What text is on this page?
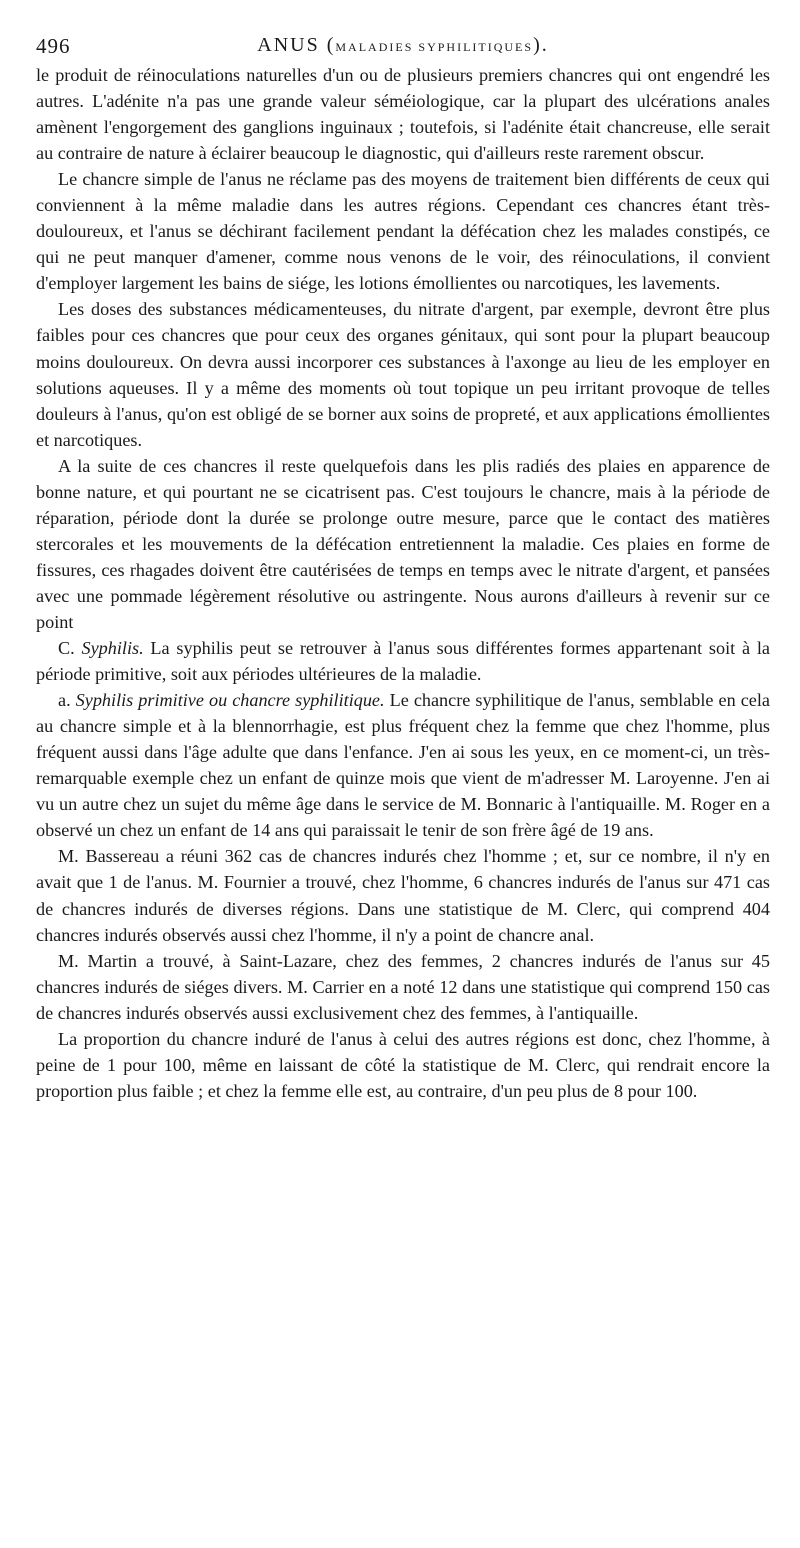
496	ANUS (MALADIES SYPHILITIQUES).

le produit de réinoculations naturelles d'un ou de plusieurs premiers chancres qui ont engendré les autres. L'adénite n'a pas une grande valeur séméiologique, car la plupart des ulcérations anales amènent l'engorgement des ganglions inguinaux ; toutefois, si l'adénite était chancreuse, elle serait au contraire de nature à éclairer beaucoup le diagnostic, qui d'ailleurs reste rarement obscur.

Le chancre simple de l'anus ne réclame pas des moyens de traitement bien différents de ceux qui conviennent à la même maladie dans les autres régions. Cependant ces chancres étant très-douloureux, et l'anus se déchirant facilement pendant la défécation chez les malades constipés, ce qui ne peut manquer d'amener, comme nous venons de le voir, des réinoculations, il convient d'employer largement les bains de siége, les lotions émollientes ou narcotiques, les lavements.

Les doses des substances médicamenteuses, du nitrate d'argent, par exemple, devront être plus faibles pour ces chancres que pour ceux des organes génitaux, qui sont pour la plupart beaucoup moins douloureux. On devra aussi incorporer ces substances à l'axonge au lieu de les employer en solutions aqueuses. Il y a même des moments où tout topique un peu irritant provoque de telles douleurs à l'anus, qu'on est obligé de se borner aux soins de propreté, et aux applications émollientes et narcotiques.

A la suite de ces chancres il reste quelquefois dans les plis radiés des plaies en apparence de bonne nature, et qui pourtant ne se cicatrisent pas. C'est toujours le chancre, mais à la période de réparation, période dont la durée se prolonge outre mesure, parce que le contact des matières stercorales et les mouvements de la défécation entretiennent la maladie. Ces plaies en forme de fissures, ces rhagades doivent être cautérisées de temps en temps avec le nitrate d'argent, et pansées avec une pommade légèrement résolutive ou astringente. Nous aurons d'ailleurs à revenir sur ce point

C. Syphilis. La syphilis peut se retrouver à l'anus sous différentes formes appartenant soit à la période primitive, soit aux périodes ultérieures de la maladie.

a. Syphilis primitive ou chancre syphilitique. Le chancre syphilitique de l'anus, semblable en cela au chancre simple et à la blennorrhagie, est plus fréquent chez la femme que chez l'homme, plus fréquent aussi dans l'âge adulte que dans l'enfance. J'en ai sous les yeux, en ce moment-ci, un très-remarquable exemple chez un enfant de quinze mois que vient de m'adresser M. Laroyenne. J'en ai vu un autre chez un sujet du même âge dans le service de M. Bonnaric à l'antiquaille. M. Roger en a observé un chez un enfant de 14 ans qui paraissait le tenir de son frère âgé de 19 ans.

M. Bassereau a réuni 362 cas de chancres indurés chez l'homme ; et, sur ce nombre, il n'y en avait que 1 de l'anus. M. Fournier a trouvé, chez l'homme, 6 chancres indurés de l'anus sur 471 cas de chancres indurés de diverses régions. Dans une statistique de M. Clerc, qui comprend 404 chancres indurés observés aussi chez l'homme, il n'y a point de chancre anal.

M. Martin a trouvé, à Saint-Lazare, chez des femmes, 2 chancres indurés de l'anus sur 45 chancres indurés de siéges divers. M. Carrier en a noté 12 dans une statistique qui comprend 150 cas de chancres indurés observés aussi exclusivement chez des femmes, à l'antiquaille.

La proportion du chancre induré de l'anus à celui des autres régions est donc, chez l'homme, à peine de 1 pour 100, même en laissant de côté la statistique de M. Clerc, qui rendrait encore la proportion plus faible ; et chez la femme elle est, au contraire, d'un peu plus de 8 pour 100.
